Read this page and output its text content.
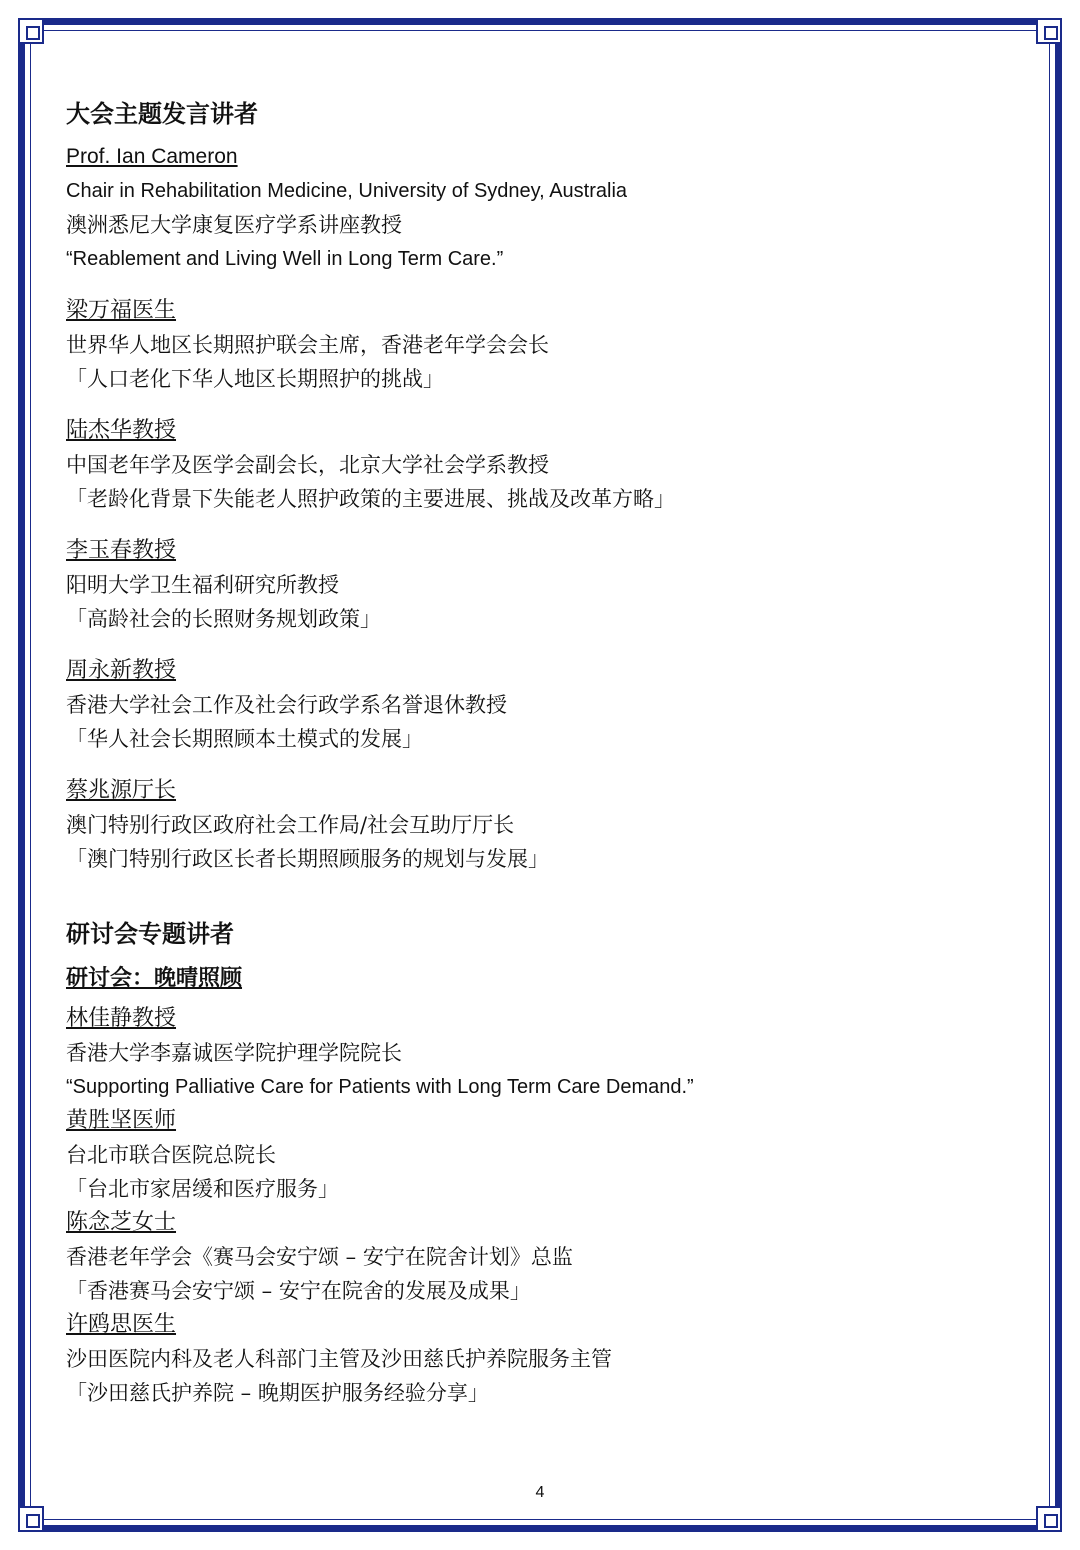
大会主题发言讲者
Prof. Ian Cameron
Chair in Rehabilitation Medicine, University of Sydney, Australia
澳洲悉尼大学康复医疗学系讲座教授
“Reablement and Living Well in Long Term Care.”
梁万福医生
世界华人地区长期照护联会主席，香港老年学会会长
「人口老化下华人地区长期照护的挑战」
陆杰华教授
中国老年学及医学会副会长，北京大学社会学系教授
「老龄化背景下失能老人照护政策的主要进展、挑战及改革方略」
李玉春教授
阳明大学卫生福利研究所教授
「高龄社会的长照财务规划政策」
周永新教授
香港大学社会工作及社会行政学系名誉退休教授
「华人社会长期照顾本土模式的发展」
蔡兆源厅长
澳门特别行政区政府社会工作局/社会互助厅厅长
「澳门特别行政区长者长期照顾服务的规划与发展」
研讨会专题讲者
研讨会：晚晴照顾
林佳静教授
香港大学李嘉诚医学院护理学院院长
“Supporting Palliative Care for Patients with Long Term Care Demand.”
黄胜坚医师
台北市联合医院总院长
「台北市家居缓和医疗服务」
陈念芝女士
香港老年学会《赛马会安宁颂 – 安宁在院舍计划》总监
「香港赛马会安宁颂 – 安宁在院舍的发展及成果」
许鸥思医生
沙田医院内科及老人科部门主管及沙田慈氏护养院服务主管
「沙田慈氏护养院 – 晚期医护服务经验分享」
4
